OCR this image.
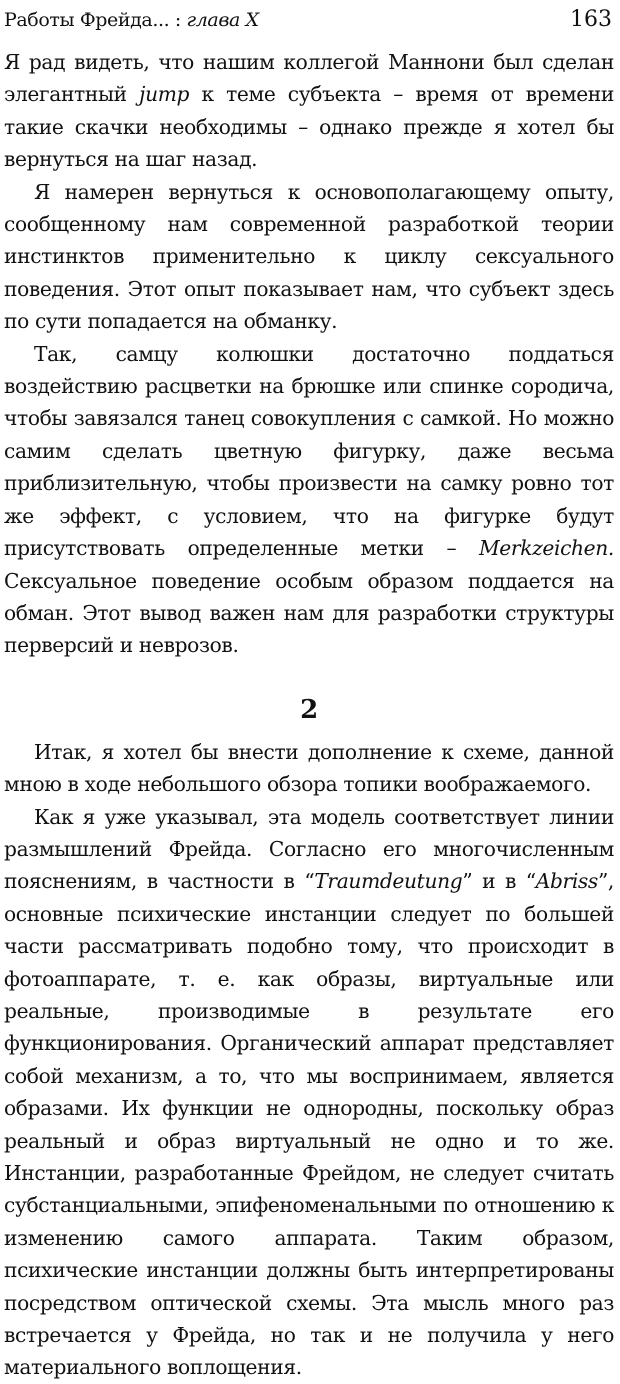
Работы Фрейда... : глава X	163

Я рад видеть, что нашим коллегой Маннони был сделан элегантный jump к теме субъекта – время от времени такие скачки необходимы – однако прежде я хотел бы вернуться на шаг назад.

Я намерен вернуться к основополагающему опыту, сообщенному нам современной разработкой теории инстинктов применительно к циклу сексуального поведения. Этот опыт показывает нам, что субъект здесь по сути попадается на обманку.

Так, самцу колюшки достаточно поддаться воздействию расцветки на брюшке или спинке сородича, чтобы завязался танец совокупления с самкой. Но можно самим сделать цветную фигурку, даже весьма приблизительную, чтобы произвести на самку ровно тот же эффект, с условием, что на фигурке будут присутствовать определенные метки – Merkzeichen. Сексуальное поведение особым образом поддается на обман. Этот вывод важен нам для разработки структуры перверсий и неврозов.

2

Итак, я хотел бы внести дополнение к схеме, данной мною в ходе небольшого обзора топики воображаемого.

Как я уже указывал, эта модель соответствует линии размышлений Фрейда. Согласно его многочисленным пояснениям, в частности в “Traumdeutung” и в “Abriss”, основные психические инстанции следует по большей части рассматривать подобно тому, что происходит в фотоаппарате, т. е. как образы, виртуальные или реальные, производимые в результате его функционирования. Органический аппарат представляет собой механизм, а то, что мы воспринимаем, является образами. Их функции не однородны, поскольку образ реальный и образ виртуальный не одно и то же. Инстанции, разработанные Фрейдом, не следует считать субстанциальными, эпифеноменальными по отношению к изменению самого аппарата. Таким образом, психические инстанции должны быть интерпретированы посредством оптической схемы. Эта мысль много раз встречается у Фрейда, но так и не получила у него материального воплощения.
